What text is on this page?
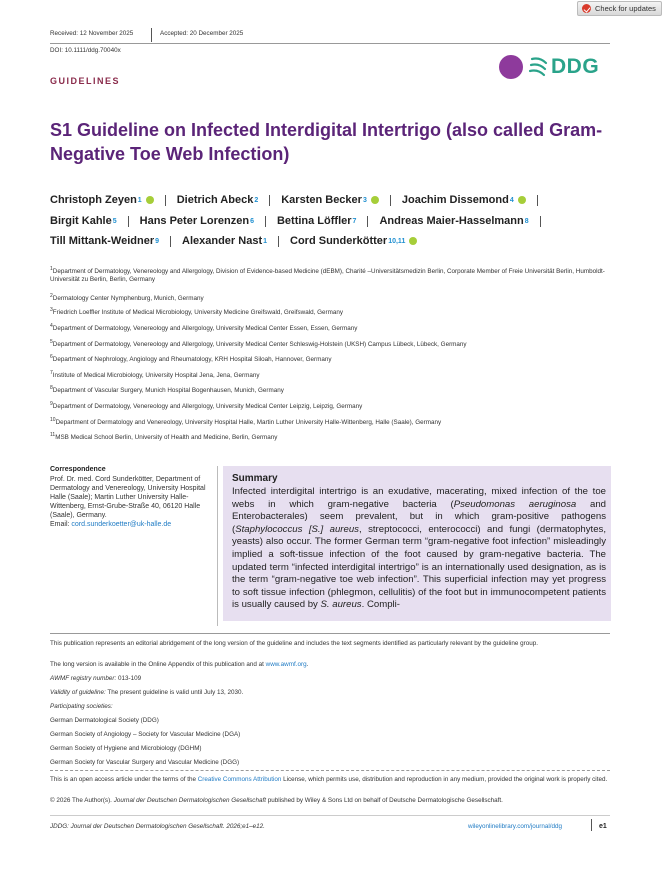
Check for updates
Received: 12 November 2025	Accepted: 20 December 2025
DOI: 10.1111/ddg.70040x
GUIDELINES
DDG
S1 Guideline on Infected Interdigital Intertrigo (also called Gram-Negative Toe Web Infection)
Christoph Zeyen 1	Dietrich Abeck 2 Karsten Becker 3	Joachim Dissemond 4
Birgit Kahle 5 Hans Peter Lorenzen 6 Bettina Löffler 7 Andreas Maier-Hasselmann 8
Till Mittank-Weidner 9 Alexander Nast 1 Cord Sunderkötter 10,11
$^1$Department of Dermatology, Venereology and Allergology, Division of Evidence-based Medicine (dEBM), Charité –Universitätsmedizin Berlin, Corporate Member of Freie Universität Berlin, Humboldt-Universität zu Berlin, Berlin, Germany
$^2$Dermatology Center Nymphenburg, Munich, Germany
$^3$Friedrich Loeffler Institute of Medical Microbiology, University Medicine Greifswald, Greifswald, Germany
$^4$Department of Dermatology, Venereology and Allergology, University Medical Center Essen, Essen, Germany
$^5$Department of Dermatology, Venereology and Allergology, University Medical Center Schleswig-Holstein (UKSH) Campus Lübeck, Lübeck, Germany
$^6$Department of Nephrology, Angiology and Rheumatology, KRH Hospital Siloah, Hannover, Germany
$^7$Institute of Medical Microbiology, University Hospital Jena, Jena, Germany
$^8$Department of Vascular Surgery, Munich Hospital Bogenhausen, Munich, Germany
$^9$Department of Dermatology, Venereology and Allergology, University Medical Center Leipzig, Leipzig, Germany
$^{10}$Department of Dermatology and Venereology, University Hospital Halle, Martin Luther University Halle-Wittenberg, Halle (Saale), Germany
$^{11}$MSB Medical School Berlin, University of Health and Medicine, Berlin, Germany
Correspondence
Prof. Dr. med. Cord Sunderkötter, Department of Dermatology and Venereology, University Hospital Halle (Saale); Martin Luther University Halle-Wittenberg, Ernst-Grube-Straße 40, 06120 Halle (Saale), Germany.
Email: cord.sunderkoetter@uk-halle.de
Summary
Infected interdigital intertrigo is an exudative, macerating, mixed infection of the toe webs in which gram-negative bacteria (Pseudomonas aeruginosa and Enterobacterales) seem prevalent, but in which gram-positive pathogens (Staphylococcus [S.] aureus, streptococci, enterococci) and fungi (dermatophytes, yeasts) also occur. The former German term “gram-negative foot infection” misleadingly implied a soft-tissue infection of the foot caused by gram-negative bacteria. The updated term “infected interdigital intertrigo” is an internationally used designation, as is the term “gram-negative toe web infection”. This superficial infection may yet progress to soft tissue infection (phlegmon, cellulitis) of the foot but in immunocompetent patients is usually caused by S. aureus. Compli-
This publication represents an editorial abridgement of the long version of the guideline and includes the text segments identified as particularly relevant by the guideline group.
The long version is available in the Online Appendix of this publication and at www.awmf.org.
AWMF registry number: 013-109
Validity of guideline: The present guideline is valid until July 13, 2030.
Participating societies:
German Dermatological Society (DDG)
German Society of Angiology – Society for Vascular Medicine (DGA)
German Society of Hygiene and Microbiology (DGHM)
German Society for Vascular Surgery and Vascular Medicine (DGG)
This is an open access article under the terms of the Creative Commons Attribution License, which permits use, distribution and reproduction in any medium, provided the original work is properly cited.
© 2026 The Author(s). Journal der Deutschen Dermatologischen Gesellschaft published by Wiley & Sons Ltd on behalf of Deutsche Dermatologische Gesellschaft.
JDDG: Journal der Deutschen Dermatologischen Gesellschaft. 2026;e1–e12.	wileyonlinelibrary.com/journal/ddg	e1
